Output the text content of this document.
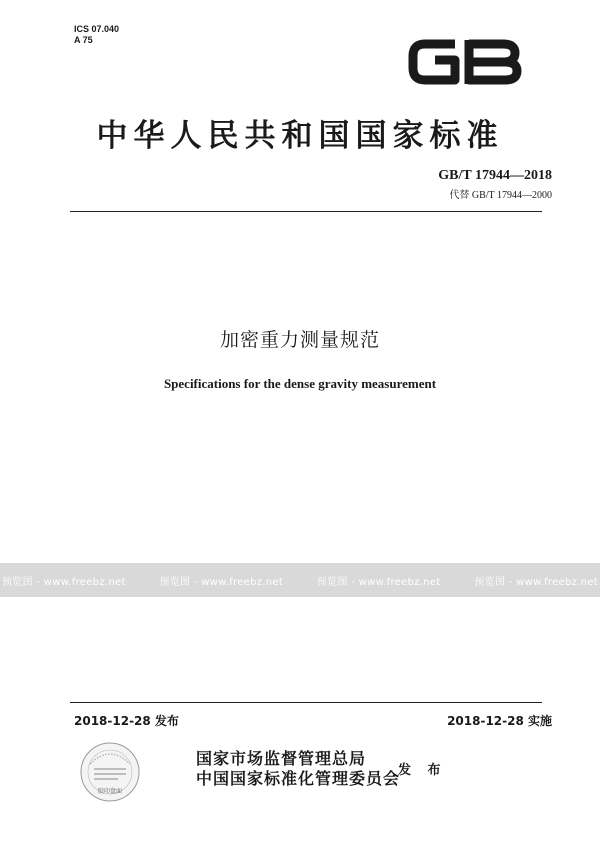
ICS 07.040
A 75
中华人民共和国国家标准
GB/T 17944—2018
代替 GB/T 17944—2000
加密重力测量规范
Specifications for the dense gravity measurement
预览图 - www.freebz.net	预览图 - www.freebz.net	预览图 - www.freebz.net	预览图 - www.freebz.net
2018-12-28 发布	2018-12-28 实施
胶印盘面
国家市场监督管理总局
中国国家标准化管理委员会
发 布
